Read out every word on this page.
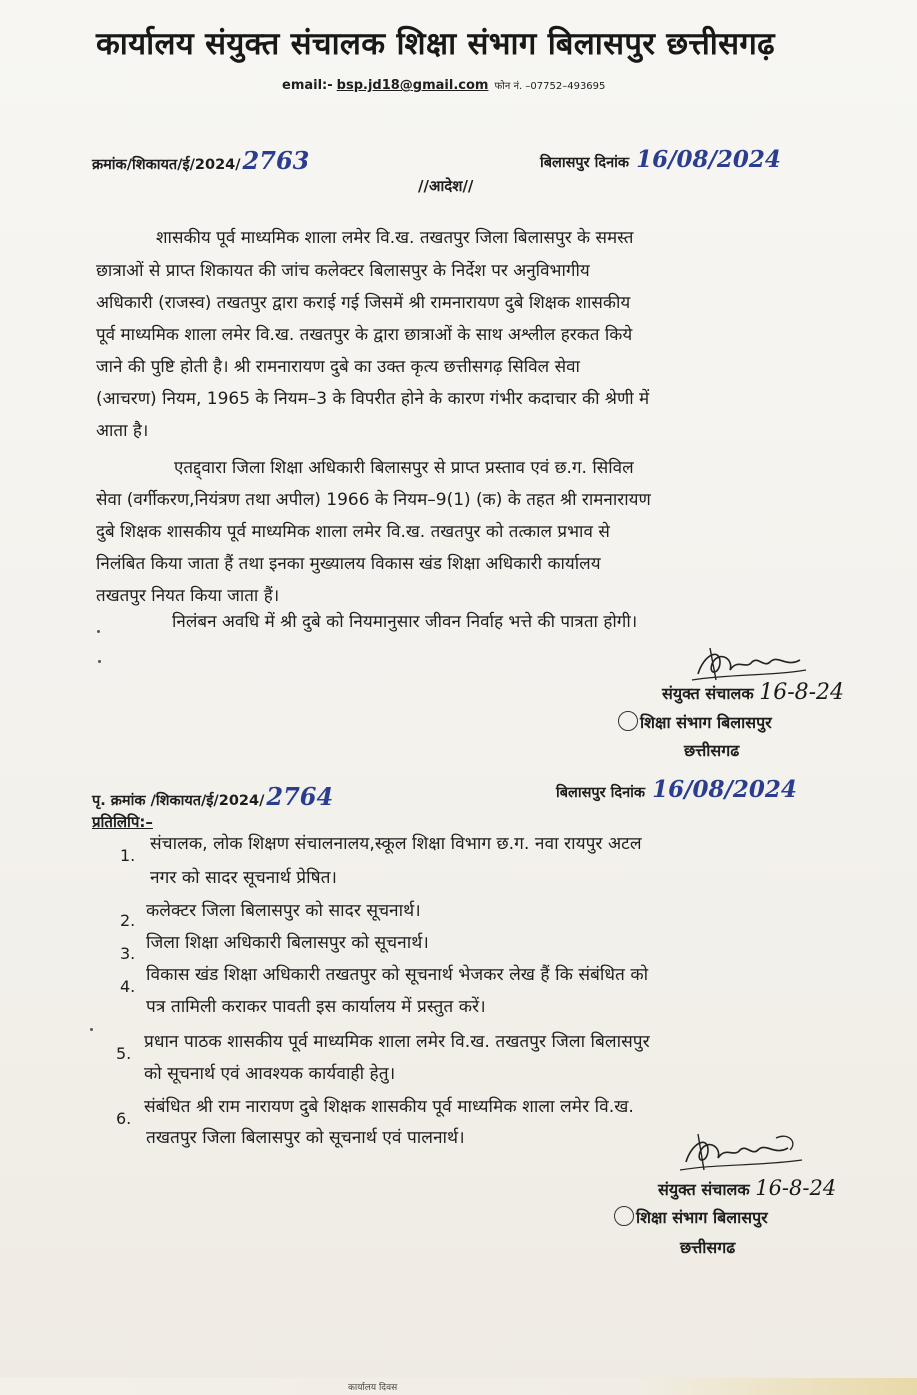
कार्यालय संयुक्त संचालक शिक्षा संभाग बिलासपुर छत्तीसगढ़
email:- bsp.jd18@gmail.com फोन नं. –07752–493695
क्रमांक/शिकायत/ई/2024/2763	बिलासपुर दिनांक 16/08/2024
//आदेश//
शासकीय पूर्व माध्यमिक शाला लमेर वि.ख. तखतपुर जिला बिलासपुर के समस्त
छात्राओं से प्राप्त शिकायत की जांच कलेक्टर बिलासपुर के निर्देश पर अनुविभागीय
अधिकारी (राजस्व) तखतपुर द्वारा कराई गई जिसमें श्री रामनारायण दुबे शिक्षक शासकीय
पूर्व माध्यमिक शाला लमेर वि.ख. तखतपुर के द्वारा छात्राओं के साथ अश्लील हरकत किये
जाने की पुष्टि होती है। श्री रामनारायण दुबे का उक्त कृत्य छत्तीसगढ़ सिविल सेवा
(आचरण) नियम, 1965 के नियम–3 के विपरीत होने के कारण गंभीर कदाचार की श्रेणी में
आता है।
एतद्द्वारा जिला शिक्षा अधिकारी बिलासपुर से प्राप्त प्रस्ताव एवं छ.ग. सिविल
सेवा (वर्गीकरण,नियंत्रण तथा अपील) 1966 के नियम–9(1) (क) के तहत श्री रामनारायण
दुबे शिक्षक शासकीय पूर्व माध्यमिक शाला लमेर वि.ख. तखतपुर को तत्काल प्रभाव से
निलंबित किया जाता हैं तथा इनका मुख्यालय विकास खंड शिक्षा अधिकारी कार्यालय
तखतपुर नियत किया जाता हैं।
निलंबन अवधि में श्री दुबे को नियमानुसार जीवन निर्वाह भत्ते की पात्रता होगी।
संयुक्त संचालक 16-8-24
शिक्षा संभाग बिलासपुर
छत्तीसगढ
पृ. क्रमांक /शिकायत/ई/2024/2764	बिलासपुर दिनांक 16/08/2024
प्रतिलिपि:–
1.
संचालक, लोक शिक्षण संचालनालय,स्कूल शिक्षा विभाग छ.ग. नवा रायपुर अटल
नगर को सादर सूचनार्थ प्रेषित।
2. कलेक्टर जिला बिलासपुर को सादर सूचनार्थ।
3.
जिला शिक्षा अधिकारी बिलासपुर को सूचनार्थ।
4.
विकास खंड शिक्षा अधिकारी तखतपुर को सूचनार्थ भेजकर लेख हैं कि संबंधित को
पत्र तामिली कराकर पावती इस कार्यालय में प्रस्तुत करें।
5.
प्रधान पाठक शासकीय पूर्व माध्यमिक शाला लमेर वि.ख. तखतपुर जिला बिलासपुर
को सूचनार्थ एवं आवश्यक कार्यवाही हेतु।
6.
संबंधित श्री राम नारायण दुबे शिक्षक शासकीय पूर्व माध्यमिक शाला लमेर वि.ख.
तखतपुर जिला बिलासपुर को सूचनार्थ एवं पालनार्थ।
संयुक्त संचालक 16-8-24
शिक्षा संभाग बिलासपुर
छत्तीसगढ
कार्यालय दिवस
